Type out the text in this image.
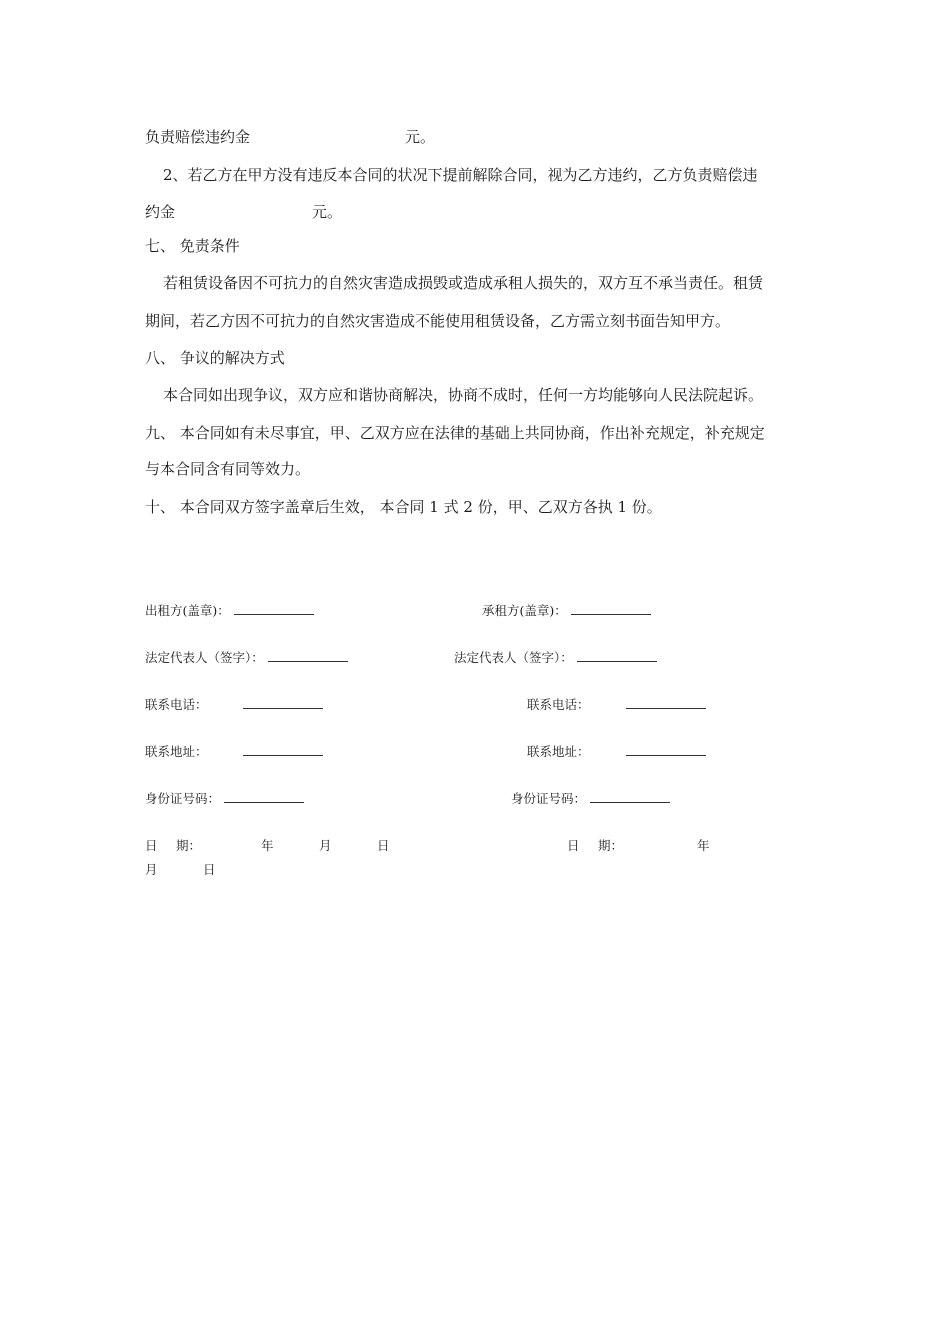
负责赔偿违约金	元。
2、若乙方在甲方没有违反本合同的状况下提前解除合同，视为乙方违约，乙方负责赔偿违
约金	元。
七、 免责条件
若租赁设备因不可抗力的自然灾害造成损毁或造成承租人损失的，双方互不承当责任。租赁
期间，若乙方因不可抗力的自然灾害造成不能使用租赁设备，乙方需立刻书面告知甲方。
八、 争议的解决方式
本合同如出现争议，双方应和谐协商解决，协商不成时，任何一方均能够向人民法院起诉。
九、 本合同如有未尽事宜，甲、乙双方应在法律的基础上共同协商，作出补充规定，补充规定
与本合同含有同等效力。
十、 本合同双方签字盖章后生效， 本合同 1 式 2 份，甲、乙双方各执 1 份。
出租方(盖章)：	承租方(盖章)：
法定代表人（签字）：	法定代表人（签字）：
联系电话：	联系电话：
联系地址：	联系地址：
身份证号码：	身份证号码：
日 期：	年	月	日	日 期：	年
月	日
